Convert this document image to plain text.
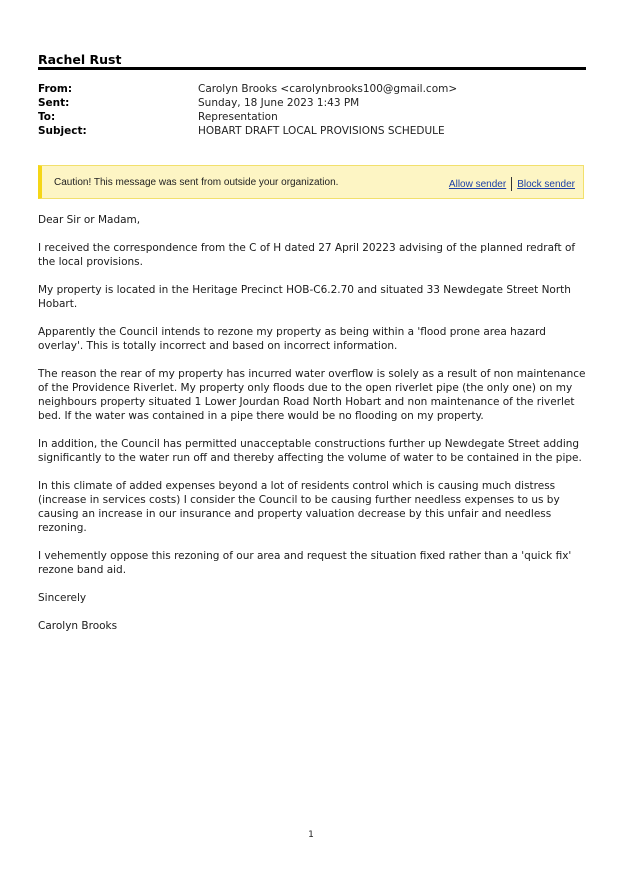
Rachel Rust
From:	Carolyn Brooks <carolynbrooks100@gmail.com>
Sent:	Sunday, 18 June 2023 1:43 PM
To:	Representation
Subject:	HOBART DRAFT LOCAL PROVISIONS SCHEDULE
Caution! This message was sent from outside your organization.	Allow sender Block sender

Dear Sir or Madam,

I received the correspondence from the C of H dated 27 April 20223 advising of the planned redraft of the local provisions.

My property is located in the Heritage Precinct HOB-C6.2.70 and situated 33 Newdegate Street North Hobart.

Apparently the Council intends to rezone my property as being within a 'flood prone area hazard overlay'. This is totally incorrect and based on incorrect information.

The reason the rear of my property has incurred water overflow is solely as a result of non maintenance of the Providence Riverlet. My property only floods due to the open riverlet pipe (the only one) on my neighbours property situated 1 Lower Jourdan Road North Hobart and non maintenance of the riverlet bed. If the water was contained in a pipe there would be no flooding on my property.

In addition, the Council has permitted unacceptable constructions further up Newdegate Street adding significantly to the water run off and thereby affecting the volume of water to be contained in the pipe.

In this climate of added expenses beyond a lot of residents control which is causing much distress (increase in services costs) I consider the Council to be causing further needless expenses to us by causing an increase in our insurance and property valuation decrease by this unfair and needless rezoning.

I vehemently oppose this rezoning of our area and request the situation fixed rather than a 'quick fix' rezone band aid.

Sincerely

Carolyn Brooks

1
